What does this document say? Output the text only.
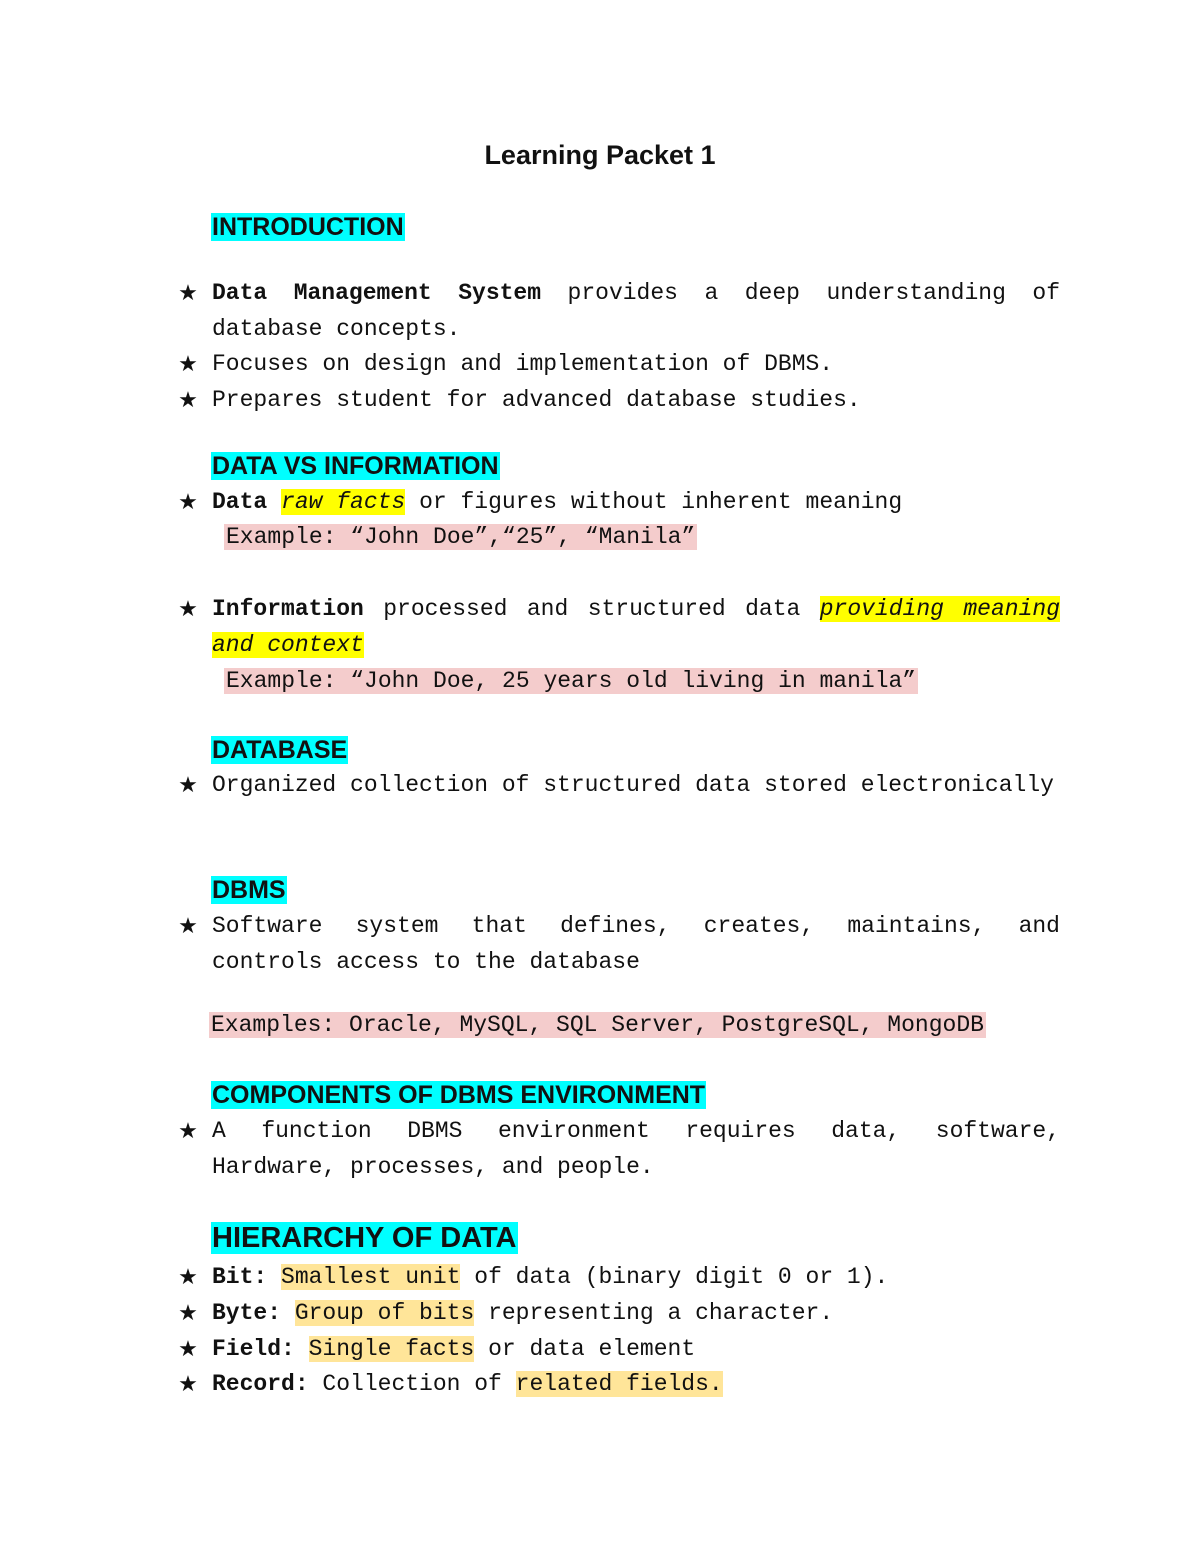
Learning Packet 1
INTRODUCTION
★ Data Management System provides a deep understanding of database concepts.
★ Focuses on design and implementation of DBMS.
★ Prepares student for advanced database studies.
DATA VS INFORMATION
★ Data raw facts or figures without inherent meaning
Example: “John Doe”,“25”, “Manila”
★ Information processed and structured data providing meaning and context
Example: “John Doe, 25 years old living in manila”
DATABASE
★ Organized collection of structured data stored electronically
DBMS
★ Software system that defines, creates, maintains, and controls access to the database
Examples: Oracle, MySQL, SQL Server, PostgreSQL, MongoDB
COMPONENTS OF DBMS ENVIRONMENT
★ A function DBMS environment requires data, software, Hardware, processes, and people.
HIERARCHY OF DATA
★ Bit: Smallest unit of data (binary digit 0 or 1).
★ Byte: Group of bits representing a character.
★ Field: Single facts or data element
★ Record: Collection of related fields.
